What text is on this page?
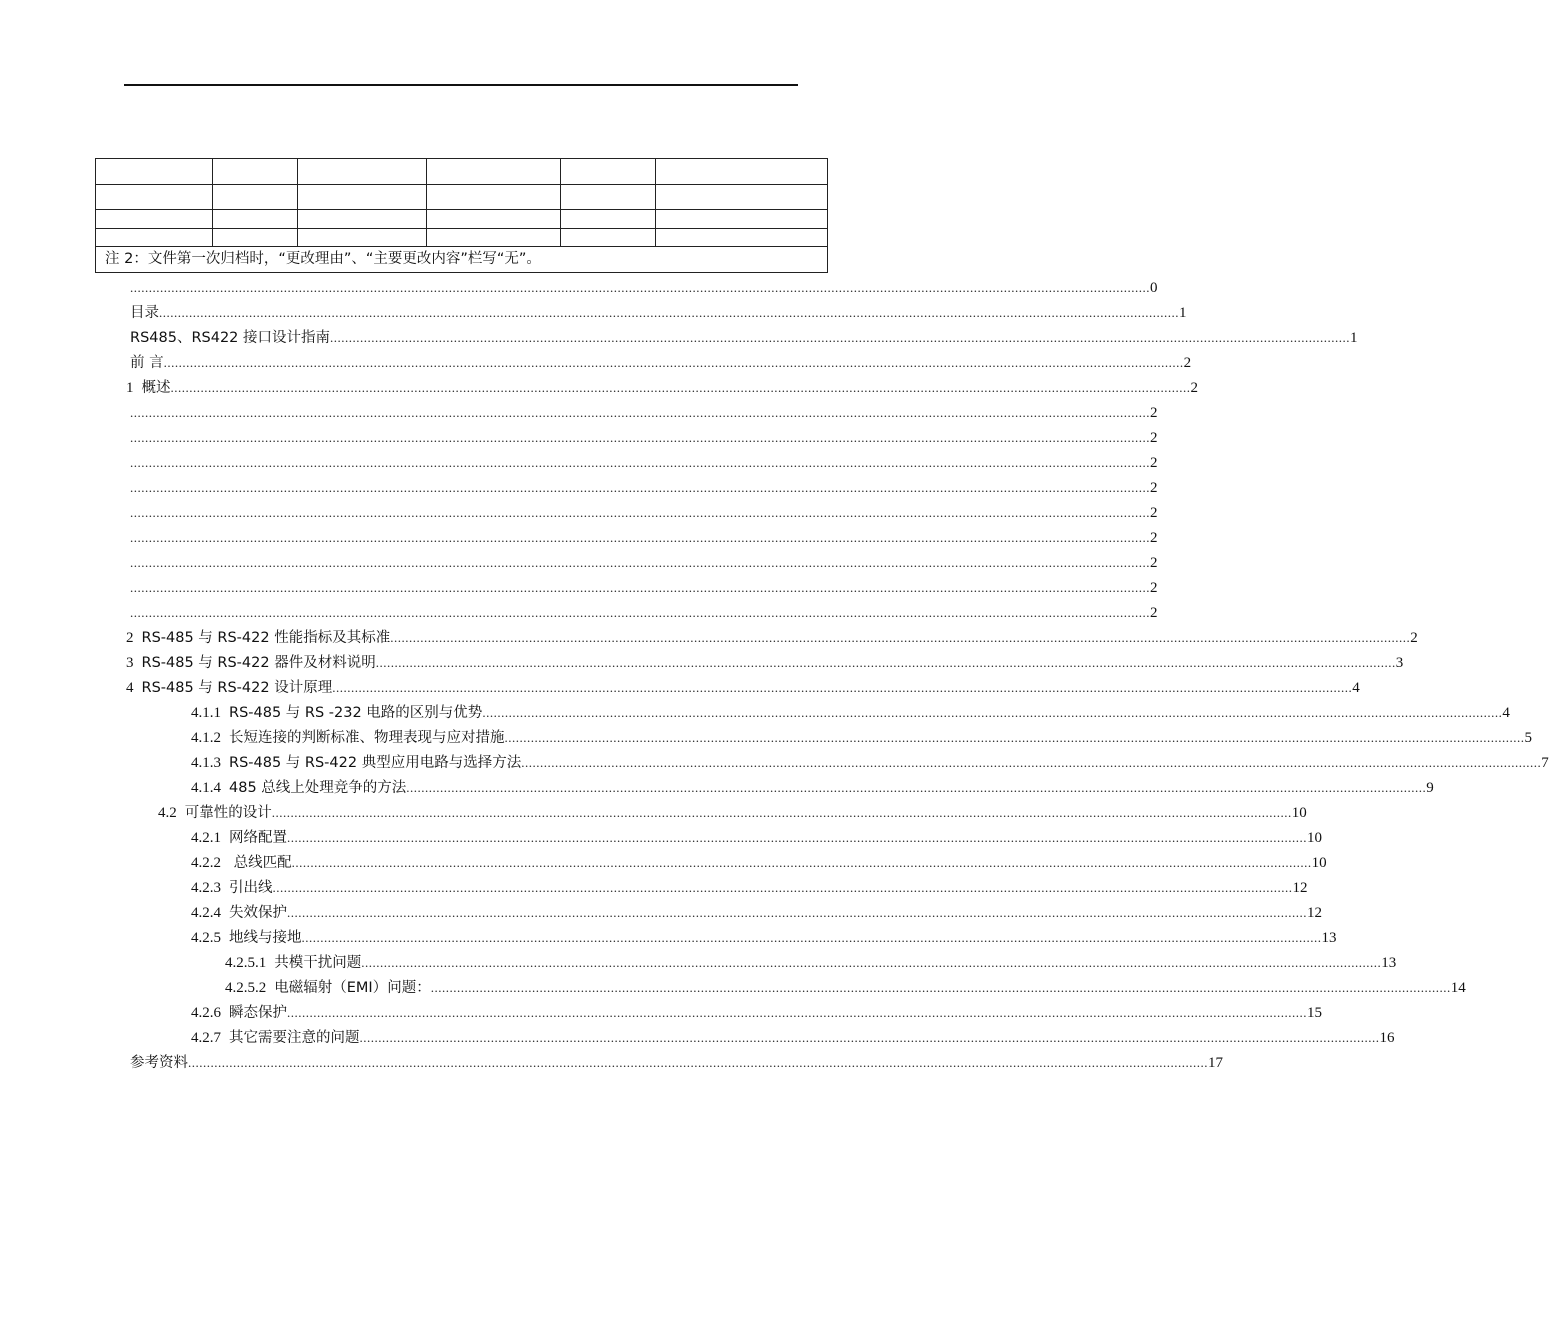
注 2：文件第一次归档时，“更改理由”、“主要更改内容”栏写“无”。					
................................................................................................................................................................................................................................................................................ 0
目录 ................................................................................................................................................................................................................................................................................ 1
RS485、RS422 接口设计指南 ................................................................................................................................................................................................................................................................................ 1
前 言 ................................................................................................................................................................................................................................................................................ 2
1 概述 ................................................................................................................................................................................................................................................................................ 2
................................................................................................................................................................................................................................................................................ 2
................................................................................................................................................................................................................................................................................ 2
................................................................................................................................................................................................................................................................................ 2
................................................................................................................................................................................................................................................................................ 2
................................................................................................................................................................................................................................................................................ 2
................................................................................................................................................................................................................................................................................ 2
................................................................................................................................................................................................................................................................................ 2
................................................................................................................................................................................................................................................................................ 2
................................................................................................................................................................................................................................................................................ 2
2 RS-485 与 RS-422 性能指标及其标准 ................................................................................................................................................................................................................................................................................ 2
3 RS-485 与 RS-422 器件及材料说明 ................................................................................................................................................................................................................................................................................ 3
4 RS-485 与 RS-422 设计原理 ................................................................................................................................................................................................................................................................................ 4
4.1.1 RS-485 与 RS -232 电路的区别与优势 ................................................................................................................................................................................................................................................................................ 4
4.1.2 长短连接的判断标准、物理表现与应对措施 ................................................................................................................................................................................................................................................................................ 5
4.1.3 RS-485 与 RS-422 典型应用电路与选择方法 ................................................................................................................................................................................................................................................................................ 7
4.1.4 485 总线上处理竞争的方法 ................................................................................................................................................................................................................................................................................ 9
4.2 可靠性的设计 ................................................................................................................................................................................................................................................................................ 10
4.2.1 网络配置 ................................................................................................................................................................................................................................................................................ 10
4.2.2 总线匹配 ................................................................................................................................................................................................................................................................................ 10
4.2.3 引出线 ................................................................................................................................................................................................................................................................................ 12
4.2.4 失效保护 ................................................................................................................................................................................................................................................................................ 12
4.2.5 地线与接地 ................................................................................................................................................................................................................................................................................ 13
4.2.5.1 共模干扰问题 ................................................................................................................................................................................................................................................................................ 13
4.2.5.2 电磁辐射（EMI）问题： ................................................................................................................................................................................................................................................................................ 14
4.2.6 瞬态保护 ................................................................................................................................................................................................................................................................................ 15
4.2.7 其它需要注意的问题 ................................................................................................................................................................................................................................................................................ 16
参考资料 ................................................................................................................................................................................................................................................................................ 17
